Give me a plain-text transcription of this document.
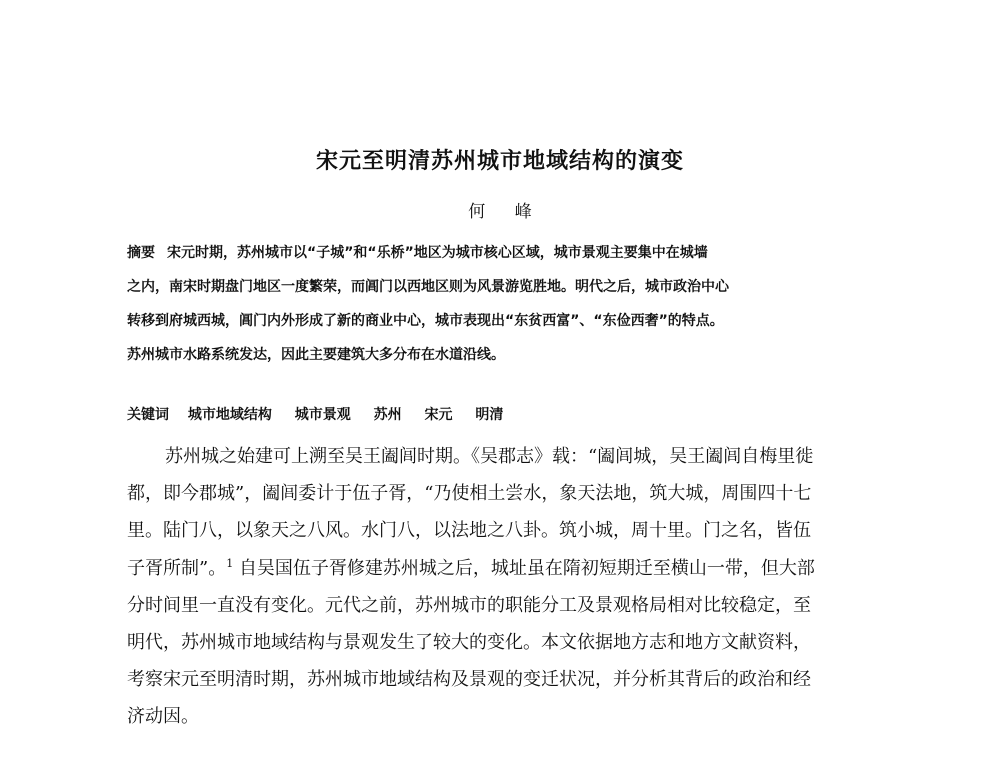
宋元至明清苏州城市地域结构的演变
何 峰
摘要 宋元时期，苏州城市以“子城”和“乐桥”地区为城市核心区域，城市景观主要集中在城墙
之内，南宋时期盘门地区一度繁荣，而阊门以西地区则为风景游览胜地。明代之后，城市政治中心
转移到府城西城，阊门内外形成了新的商业中心，城市表现出“东贫西富”、“东俭西奢”的特点。
苏州城市水路系统发达，因此主要建筑大多分布在水道沿线。
关键词 城市地域结构 城市景观 苏州 宋元 明清
苏州城之始建可上溯至吴王阖闾时期。《吴郡志》载：“阖闾城，吴王阖闾自梅里徙
都，即今郡城”，阖闾委计于伍子胥，“乃使相土尝水，象天法地，筑大城，周围四十七
里。陆门八，以象天之八风。水门八，以法地之八卦。筑小城，周十里。门之名，皆伍
子胥所制”。$^1$ 自吴国伍子胥修建苏州城之后，城址虽在隋初短期迁至横山一带，但大部
分时间里一直没有变化。元代之前，苏州城市的职能分工及景观格局相对比较稳定，至
明代，苏州城市地域结构与景观发生了较大的变化。本文依据地方志和地方文献资料，
考察宋元至明清时期，苏州城市地域结构及景观的变迁状况，并分析其背后的政治和经
济动因。
